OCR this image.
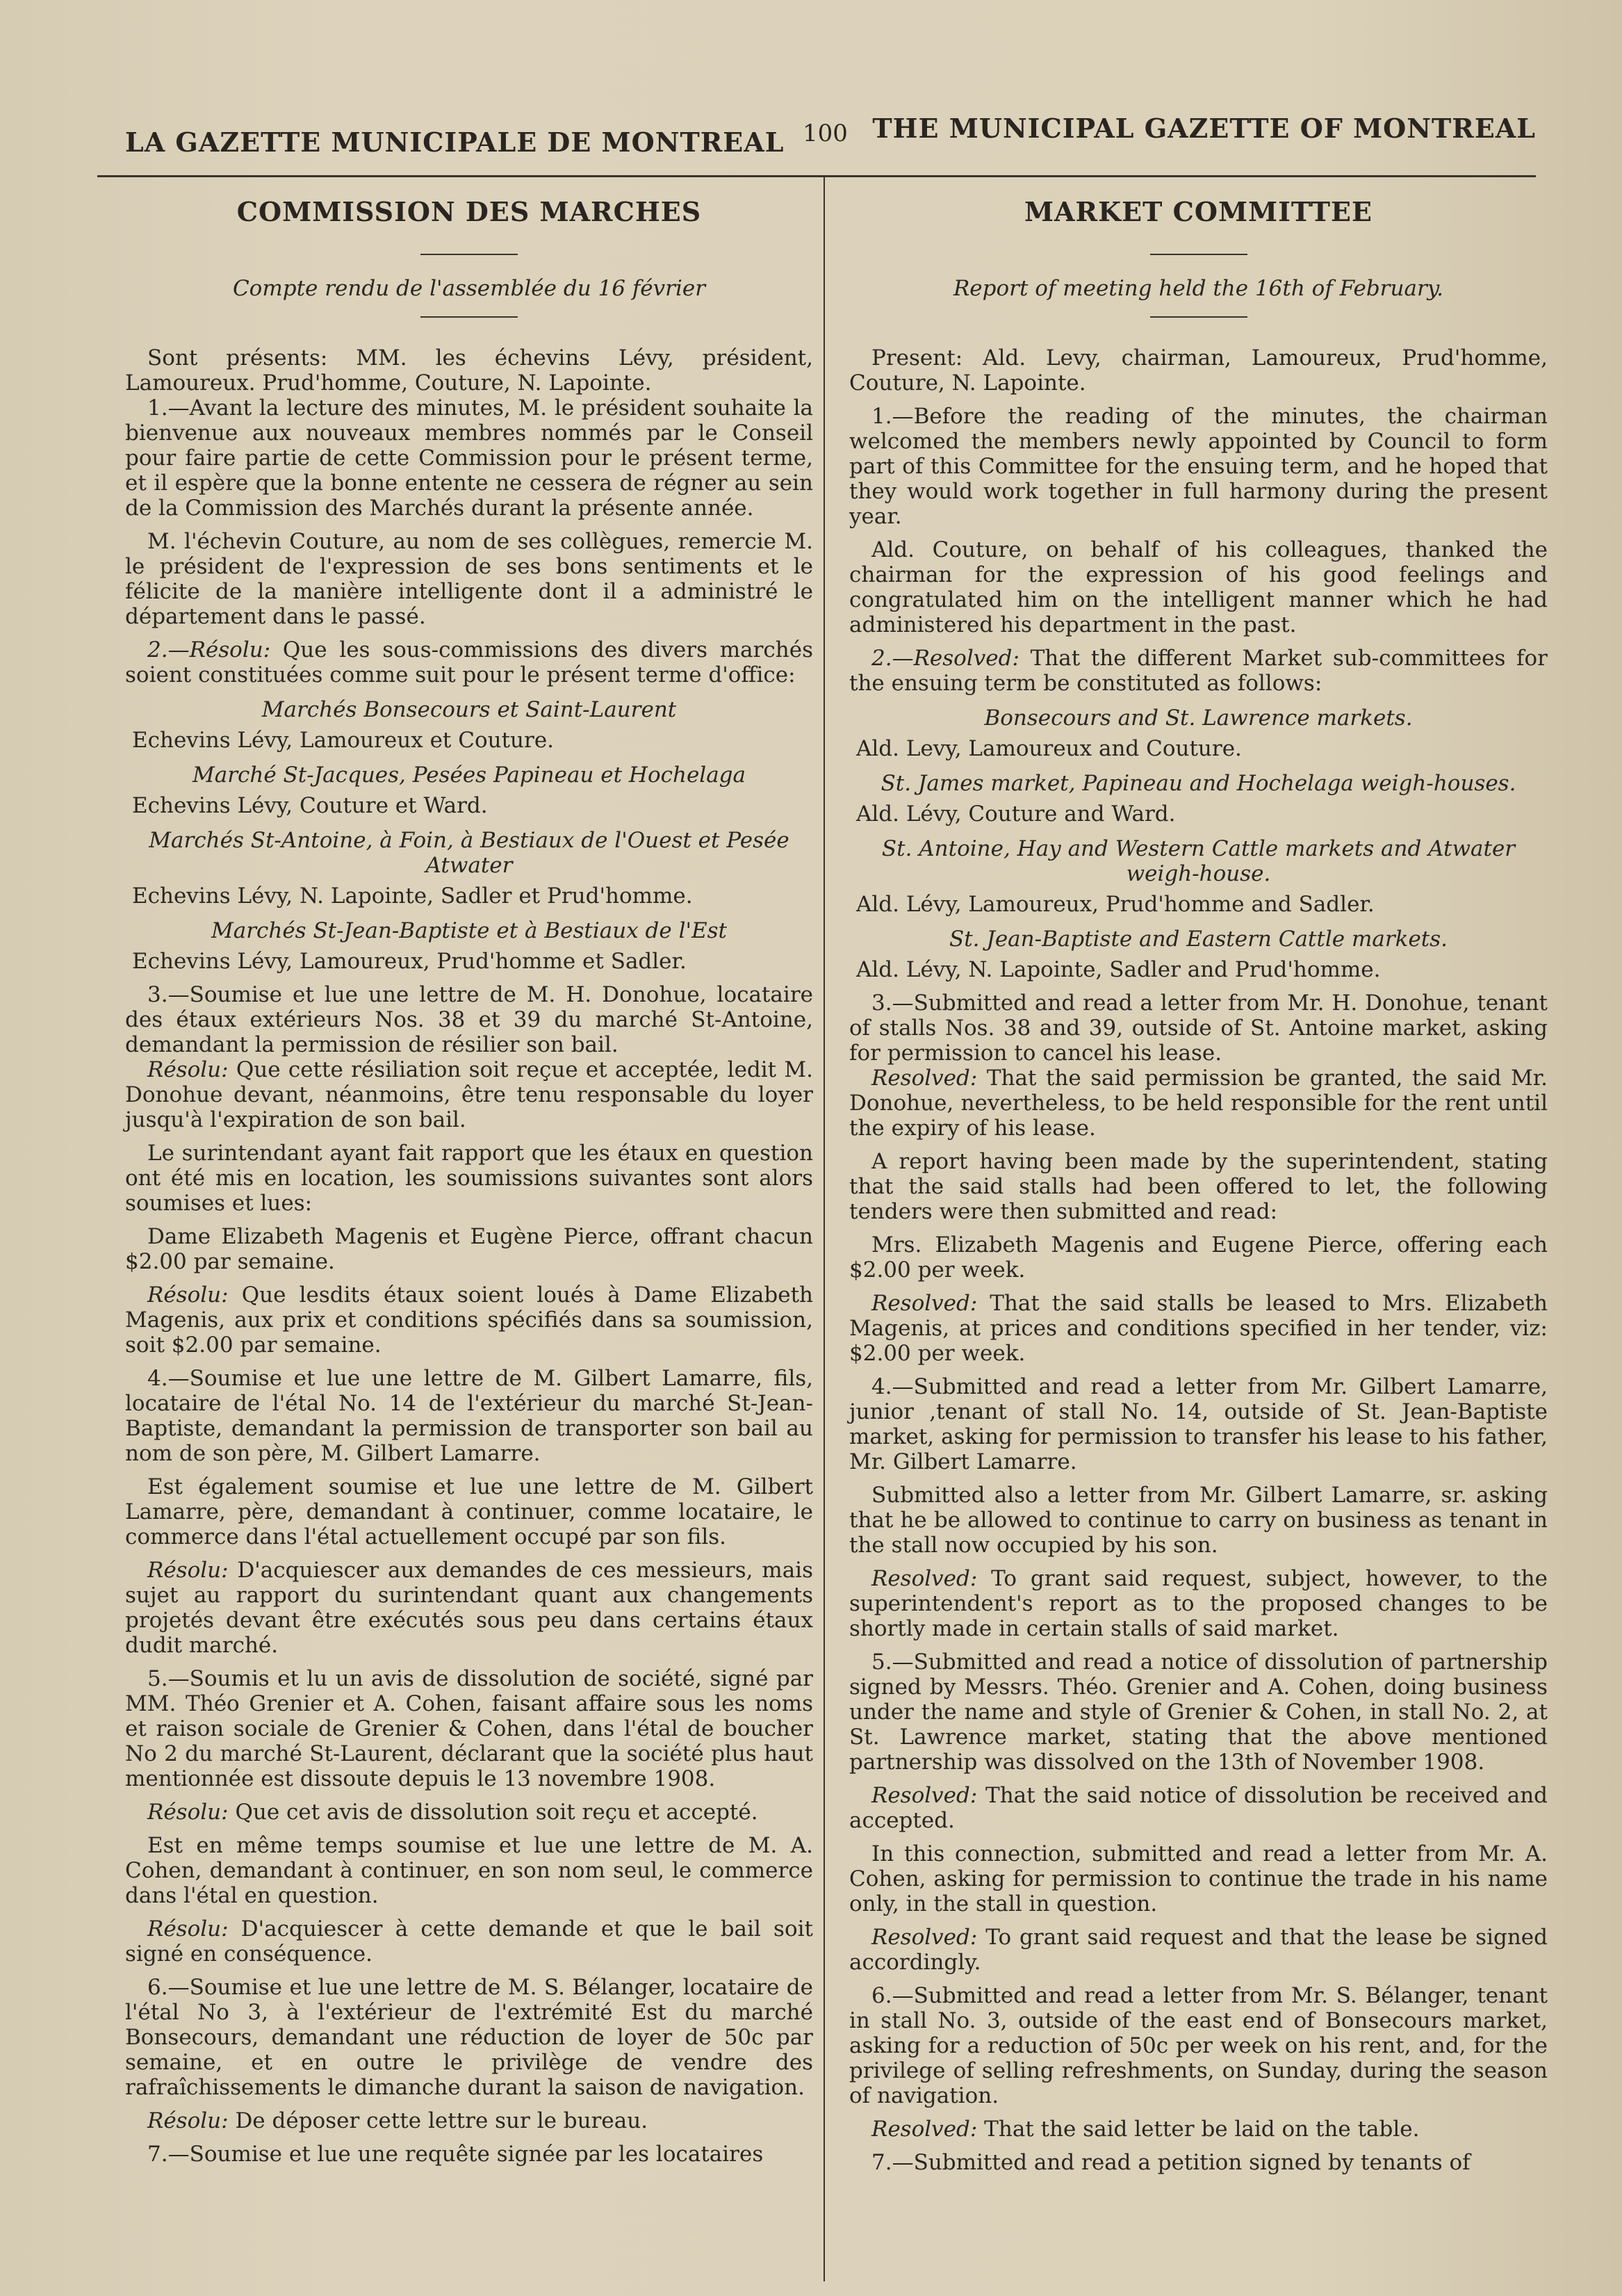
LA GAZETTE MUNICIPALE DE MONTREAL 100 THE MUNICIPAL GAZETTE OF MONTREAL
COMMISSION DES MARCHES

Compte rendu de l'assemblée du 16 février

Sont présents: MM. les échevins Lévy, président, Lamoureux. Prud'homme, Couture, N. Lapointe.

1.—Avant la lecture des minutes, M. le président souhaite la bienvenue aux nouveaux membres nommés par le Conseil pour faire partie de cette Commission pour le présent terme, et il espère que la bonne entente ne cessera de régner au sein de la Commission des Marchés durant la présente année.

M. l'échevin Couture, au nom de ses collègues, remercie M. le président de l'expression de ses bons sentiments et le félicite de la manière intelligente dont il a administré le département dans le passé.

2.—Résolu: Que les sous-commissions des divers marchés soient constituées comme suit pour le présent terme d'office:

Marchés Bonsecours et Saint-Laurent

Echevins Lévy, Lamoureux et Couture.

Marché St-Jacques, Pesées Papineau et Hochelaga

Echevins Lévy, Couture et Ward.

Marchés St-Antoine, à Foin, à Bestiaux de l'Ouest et Pesée Atwater

Echevins Lévy, N. Lapointe, Sadler et Prud'homme.

Marchés St-Jean-Baptiste et à Bestiaux de l'Est

Echevins Lévy, Lamoureux, Prud'homme et Sadler.

3.—Soumise et lue une lettre de M. H. Donohue, locataire des étaux extérieurs Nos. 38 et 39 du marché St-Antoine, demandant la permission de résilier son bail.

Résolu: Que cette résiliation soit reçue et acceptée, ledit M. Donohue devant, néanmoins, être tenu responsable du loyer jusqu'à l'expiration de son bail.

Le surintendant ayant fait rapport que les étaux en question ont été mis en location, les soumissions suivantes sont alors soumises et lues:

Dame Elizabeth Magenis et Eugène Pierce, offrant chacun $2.00 par semaine.

Résolu: Que lesdits étaux soient loués à Dame Elizabeth Magenis, aux prix et conditions spécifiés dans sa soumission, soit $2.00 par semaine.

4.—Soumise et lue une lettre de M. Gilbert Lamarre, fils, locataire de l'étal No. 14 de l'extérieur du marché St-Jean-Baptiste, demandant la permission de transporter son bail au nom de son père, M. Gilbert Lamarre.

Est également soumise et lue une lettre de M. Gilbert Lamarre, père, demandant à continuer, comme locataire, le commerce dans l'étal actuellement occupé par son fils.

Résolu: D'acquiescer aux demandes de ces messieurs, mais sujet au rapport du surintendant quant aux changements projetés devant être exécutés sous peu dans certains étaux dudit marché.

5.—Soumis et lu un avis de dissolution de société, signé par MM. Théo Grenier et A. Cohen, faisant affaire sous les noms et raison sociale de Grenier & Cohen, dans l'étal de boucher No 2 du marché St-Laurent, déclarant que la société plus haut mentionnée est dissoute depuis le 13 novembre 1908.

Résolu: Que cet avis de dissolution soit reçu et accepté.

Est en même temps soumise et lue une lettre de M. A. Cohen, demandant à continuer, en son nom seul, le commerce dans l'étal en question.

Résolu: D'acquiescer à cette demande et que le bail soit signé en conséquence.

6.—Soumise et lue une lettre de M. S. Bélanger, locataire de l'étal No 3, à l'extérieur de l'extrémité Est du marché Bonsecours, demandant une réduction de loyer de 50c par semaine, et en outre le privilège de vendre des rafraîchissements le dimanche durant la saison de navigation.

Résolu: De déposer cette lettre sur le bureau.

7.—Soumise et lue une requête signée par les locataires

MARKET COMMITTEE

Report of meeting held the 16th of February.

Present: Ald. Levy, chairman, Lamoureux, Prud'homme, Couture, N. Lapointe.

1.—Before the reading of the minutes, the chairman welcomed the members newly appointed by Council to form part of this Committee for the ensuing term, and he hoped that they would work together in full harmony during the present year.

Ald. Couture, on behalf of his colleagues, thanked the chairman for the expression of his good feelings and congratulated him on the intelligent manner which he had administered his department in the past.

2.—Resolved: That the different Market sub-committees for the ensuing term be constituted as follows:

Bonsecours and St. Lawrence markets.

Ald. Levy, Lamoureux and Couture.

St. James market, Papineau and Hochelaga weigh-houses.

Ald. Lévy, Couture and Ward.

St. Antoine, Hay and Western Cattle markets and Atwater weigh-house.

Ald. Lévy, Lamoureux, Prud'homme and Sadler.

St. Jean-Baptiste and Eastern Cattle markets.

Ald. Lévy, N. Lapointe, Sadler and Prud'homme.

3.—Submitted and read a letter from Mr. H. Donohue, tenant of stalls Nos. 38 and 39, outside of St. Antoine market, asking for permission to cancel his lease.

Resolved: That the said permission be granted, the said Mr. Donohue, nevertheless, to be held responsible for the rent until the expiry of his lease.

A report having been made by the superintendent, stating that the said stalls had been offered to let, the following tenders were then submitted and read:

Mrs. Elizabeth Magenis and Eugene Pierce, offering each $2.00 per week.

Resolved: That the said stalls be leased to Mrs. Elizabeth Magenis, at prices and conditions specified in her tender, viz: $2.00 per week.

4.—Submitted and read a letter from Mr. Gilbert Lamarre, junior ,tenant of stall No. 14, outside of St. Jean-Baptiste market, asking for permission to transfer his lease to his father, Mr. Gilbert Lamarre.

Submitted also a letter from Mr. Gilbert Lamarre, sr. asking that he be allowed to continue to carry on business as tenant in the stall now occupied by his son.

Resolved: To grant said request, subject, however, to the superintendent's report as to the proposed changes to be shortly made in certain stalls of said market.

5.—Submitted and read a notice of dissolution of partnership signed by Messrs. Théo. Grenier and A. Cohen, doing business under the name and style of Grenier & Cohen, in stall No. 2, at St. Lawrence market, stating that the above mentioned partnership was dissolved on the 13th of November 1908.

Resolved: That the said notice of dissolution be received and accepted.

In this connection, submitted and read a letter from Mr. A. Cohen, asking for permission to continue the trade in his name only, in the stall in question.

Resolved: To grant said request and that the lease be signed accordingly.

6.—Submitted and read a letter from Mr. S. Bélanger, tenant in stall No. 3, outside of the east end of Bonsecours market, asking for a reduction of 50c per week on his rent, and, for the privilege of selling refreshments, on Sunday, during the season of navigation.

Resolved: That the said letter be laid on the table.

7.—Submitted and read a petition signed by tenants of
